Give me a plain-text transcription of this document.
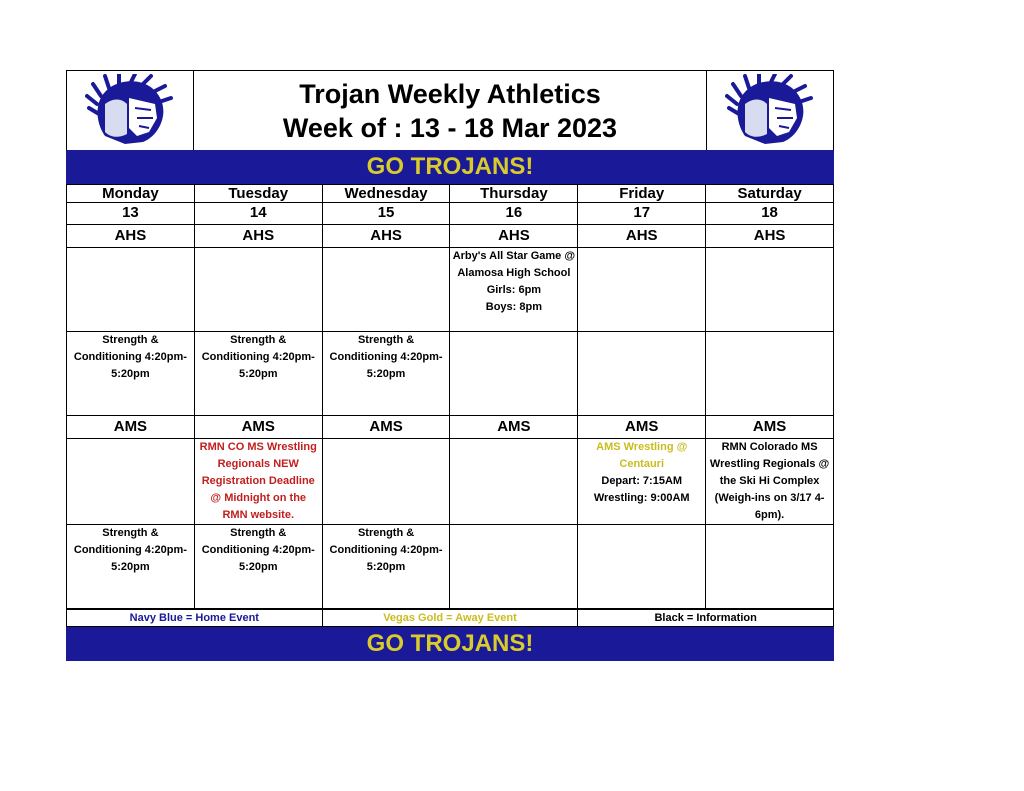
Trojan Weekly Athletics
Week of : 13 - 18 Mar 2023
GO TROJANS!
Monday	Tuesday	Wednesday	Thursday	Friday	Saturday
13	14	15	16	17	18
AHS	AHS	AHS	AHS	AHS	AHS

			Arby's All Star Game @ Alamosa High School
Girls: 6pm
Boys: 8pm		

Strength & Conditioning 4:20pm-5:20pm	Strength & Conditioning 4:20pm-5:20pm	Strength & Conditioning 4:20pm-5:20pm			

AMS	AMS	AMS	AMS	AMS	AMS

	RMN CO MS Wrestling Regionals NEW Registration Deadline @ Midnight on the RMN website.			AMS Wrestling @ Centauri
Depart: 7:15AM
Wrestling: 9:00AM	RMN Colorado MS Wrestling Regionals @ the Ski Hi Complex (Weigh-ins on 3/17 4-6pm).

Strength & Conditioning 4:20pm-5:20pm	Strength & Conditioning 4:20pm-5:20pm	Strength & Conditioning 4:20pm-5:20pm			

Navy Blue = Home Event	Vegas Gold = Away Event	Black = Information
GO TROJANS!
